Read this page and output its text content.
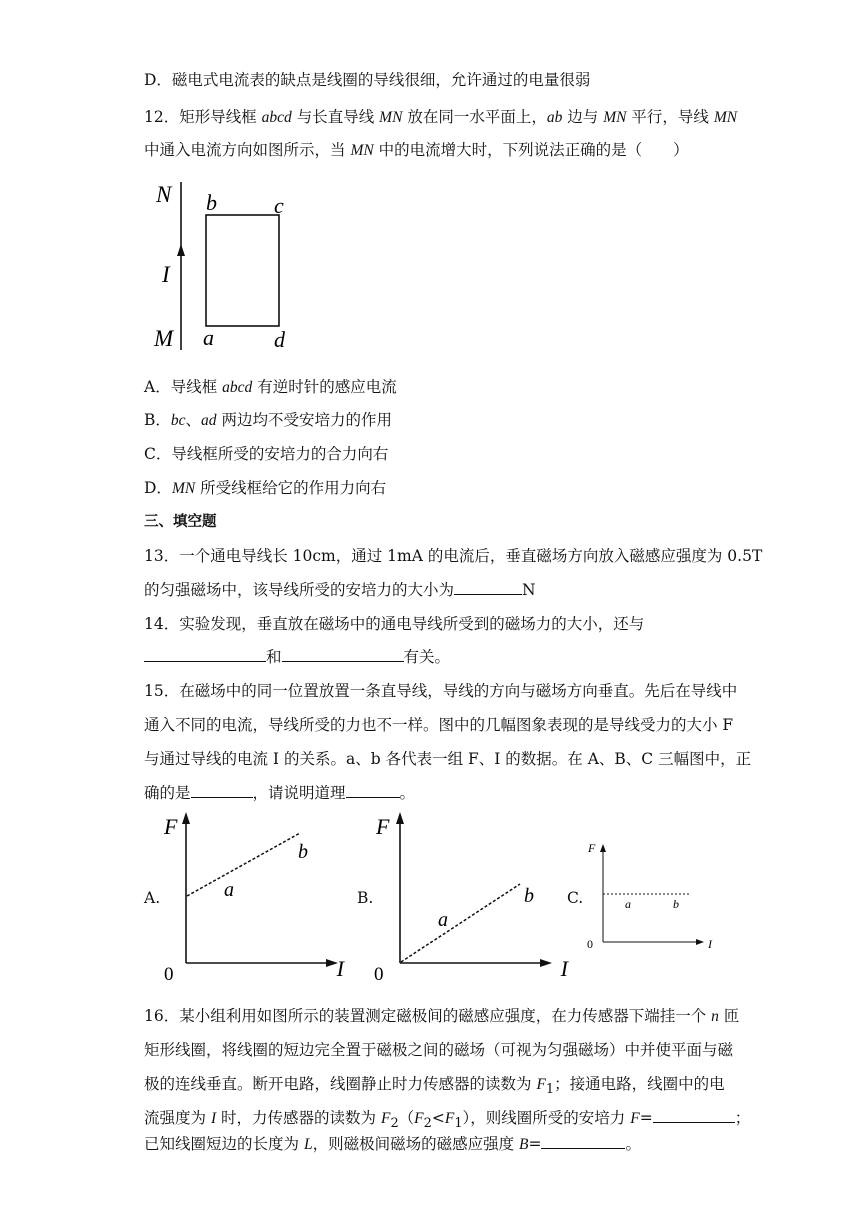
D．磁电式电流表的缺点是线圈的导线很细，允许通过的电量很弱
12．矩形导线框 abcd 与长直导线 MN 放在同一水平面上，ab 边与 MN 平行，导线 MN
中通入电流方向如图所示，当 MN 中的电流增大时，下列说法正确的是（　　）
N
I
M
b	c
a	d
A．导线框 abcd 有逆时针的感应电流
B．bc、ad 两边均不受安培力的作用
C．导线框所受的安培力的合力向右
D．MN 所受线框给它的作用力向右
三、填空题
13．一个通电导线长 10cm，通过 1mA 的电流后，垂直磁场方向放入磁感应强度为 0.5T
的匀强磁场中，该导线所受的安培力的大小为	N
14．实验发现，垂直放在磁场中的通电导线所受到的磁场力的大小，还与
和	有关。
15．在磁场中的同一位置放置一条直导线，导线的方向与磁场方向垂直。先后在导线中
通入不同的电流，导线所受的力也不一样。图中的几幅图象表现的是导线受力的大小 F
与通过导线的电流 I 的关系。a、b 各代表一组 F、I 的数据。在 A、B、C 三幅图中，正
确的是	，请说明道理	。
A.
F
I
0
a
b
B.
F
I
0
a
b C.
F
I
0
a	b
16．某小组利用如图所示的装置测定磁极间的磁感应强度，在力传感器下端挂一个 n 匝
矩形线圈，将线圈的短边完全置于磁极之间的磁场（可视为匀强磁场）中并使平面与磁
极的连线垂直。断开电路，线圈静止时力传感器的读数为 $F_1$；接通电路，线圈中的电
流强度为 I 时，力传感器的读数为 $F_2(F_2<F_1)$，则线圈所受的安培力 F=	；
已知线圈短边的长度为 L，则磁极间磁场的磁感应强度 B=	。
